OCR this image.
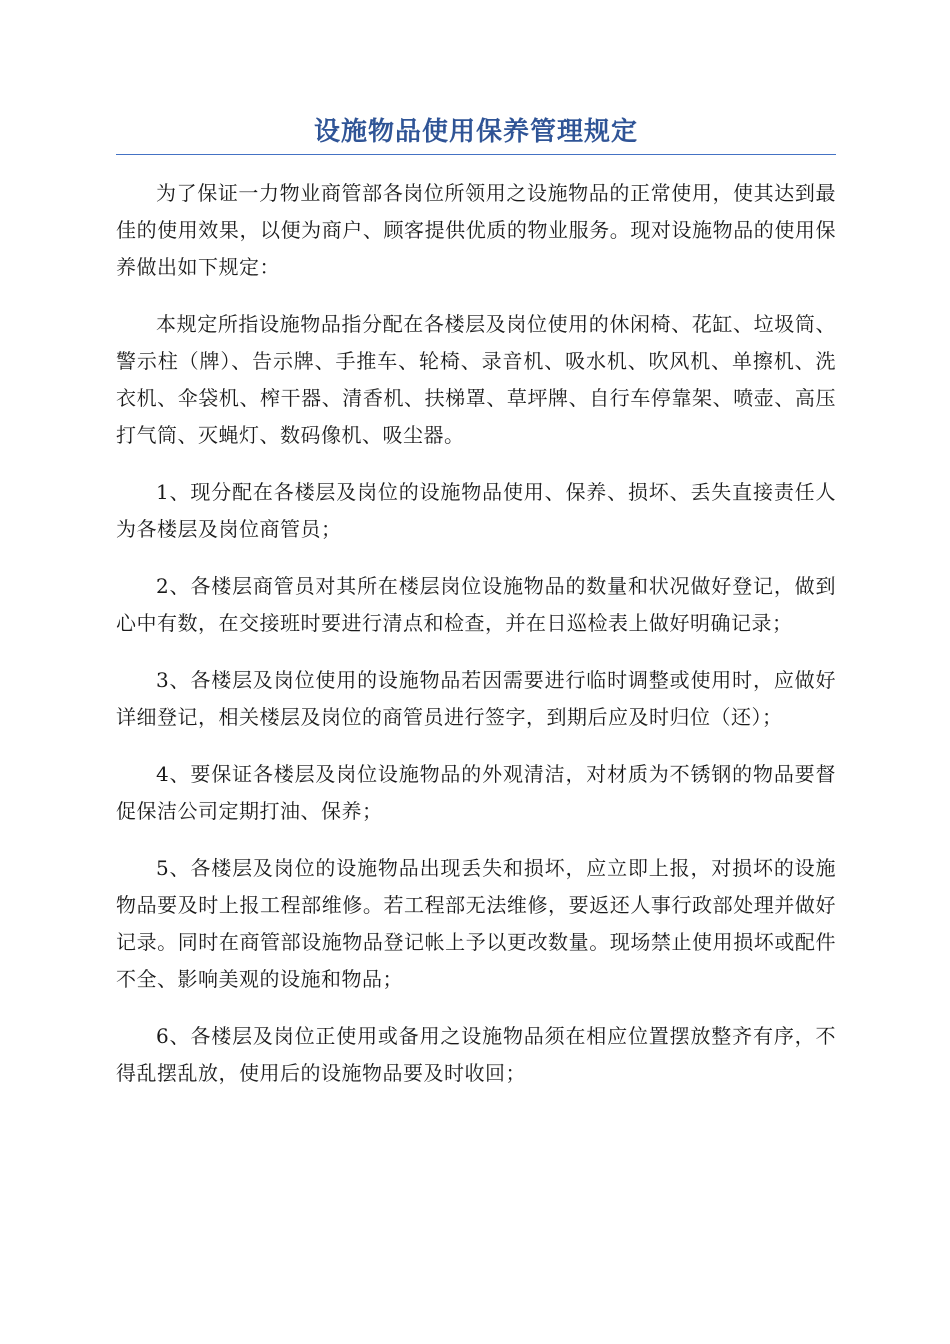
设施物品使用保养管理规定

为了保证一力物业商管部各岗位所领用之设施物品的正常使用，使其达到最佳的使用效果，以便为商户、顾客提供优质的物业服务。现对设施物品的使用保养做出如下规定：

本规定所指设施物品指分配在各楼层及岗位使用的休闲椅、花缸、垃圾筒、警示柱（牌）、告示牌、手推车、轮椅、录音机、吸水机、吹风机、单擦机、洗衣机、伞袋机、榨干器、清香机、扶梯罩、草坪牌、自行车停靠架、喷壶、高压打气筒、灭蝇灯、数码像机、吸尘器。

1、现分配在各楼层及岗位的设施物品使用、保养、损坏、丢失直接责任人为各楼层及岗位商管员；

2、各楼层商管员对其所在楼层岗位设施物品的数量和状况做好登记，做到心中有数，在交接班时要进行清点和检查，并在日巡检表上做好明确记录；

3、各楼层及岗位使用的设施物品若因需要进行临时调整或使用时，应做好详细登记，相关楼层及岗位的商管员进行签字，到期后应及时归位（还）；

4、要保证各楼层及岗位设施物品的外观清洁，对材质为不锈钢的物品要督促保洁公司定期打油、保养；

5、各楼层及岗位的设施物品出现丢失和损坏，应立即上报，对损坏的设施物品要及时上报工程部维修。若工程部无法维修，要返还人事行政部处理并做好记录。同时在商管部设施物品登记帐上予以更改数量。现场禁止使用损坏或配件不全、影响美观的设施和物品；

6、各楼层及岗位正使用或备用之设施物品须在相应位置摆放整齐有序，不得乱摆乱放，使用后的设施物品要及时收回；
